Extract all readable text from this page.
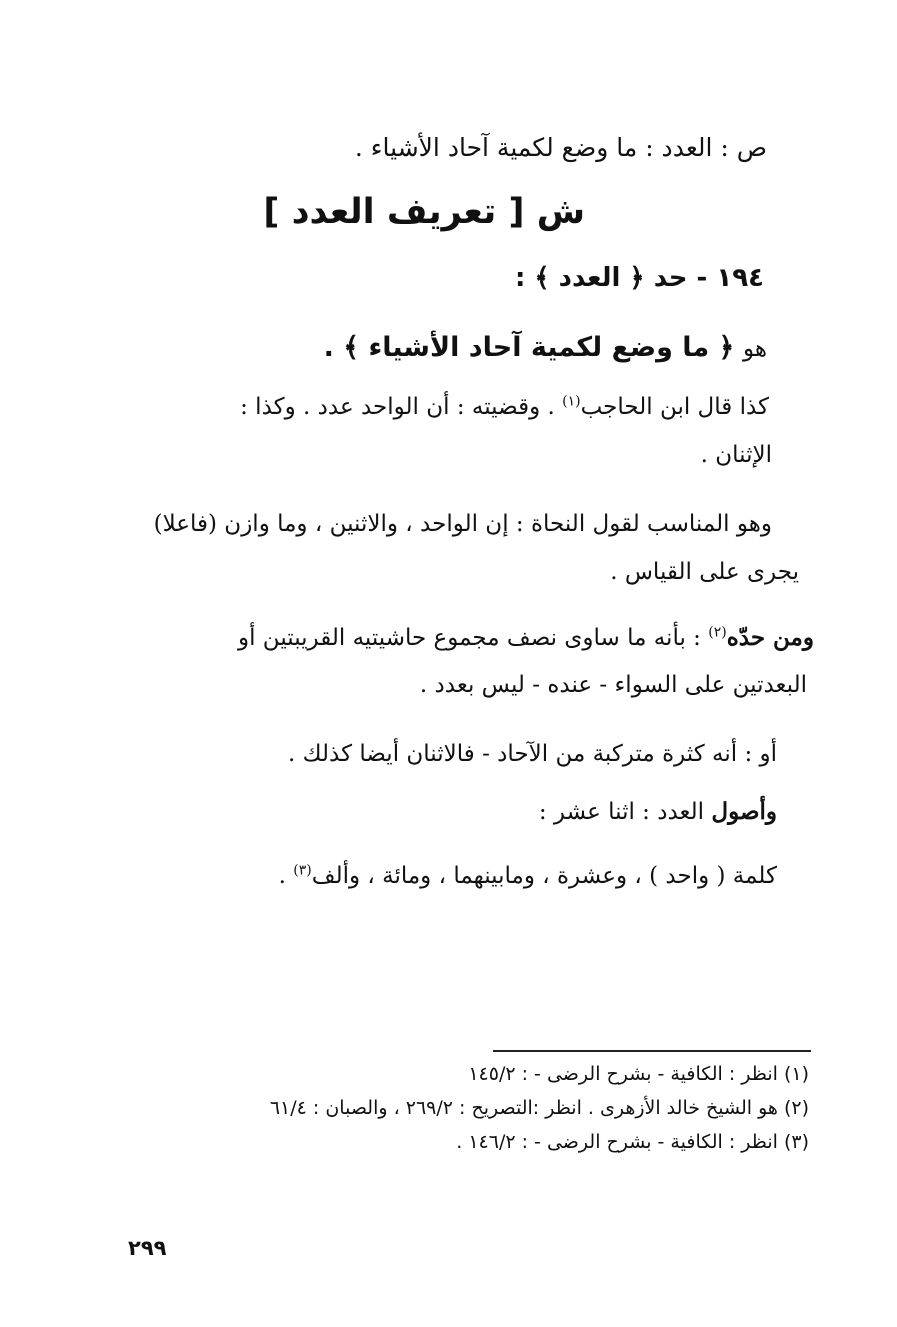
ص : العدد : ما وضع لكمية آحاد الأشياء .
ش [ تعريف العدد ]
١٩٤ - حد ﴿ العدد ﴾ :
هو ﴿ ما وضع لكمية آحاد الأشياء ﴾ .
كذا قال ابن الحاجب$^{(١)}$ . وقضيته : أن الواحد عدد . وكذا :
الإثنان .
وهو المناسب لقول النحاة : إن الواحد ، والاثنين ، وما وازن (فاعلا)
يجرى على القياس .
ومن حدّه$^{(٢)}$ : بأنه ما ساوى نصف مجموع حاشيتيه القريبتين أو
البعدتين على السواء - عنده - ليس بعدد .
أو : أنه كثرة متركبة من الآحاد - فالاثنان أيضا كذلك .
وأصول العدد : اثنا عشر :
كلمة ( واحد ) ، وعشرة ، ومابينهما ، ومائة ، وألف$^{(٣)}$ .
(١) انظر : الكافية - بشرح الرضى - : ١٤٥/٢
(٢) هو الشيخ خالد الأزهرى . انظر :التصريح : ٢٦٩/٢ ، والصبان : ٦١/٤
(٣) انظر : الكافية - بشرح الرضى - : ١٤٦/٢ .
٢٩٩
